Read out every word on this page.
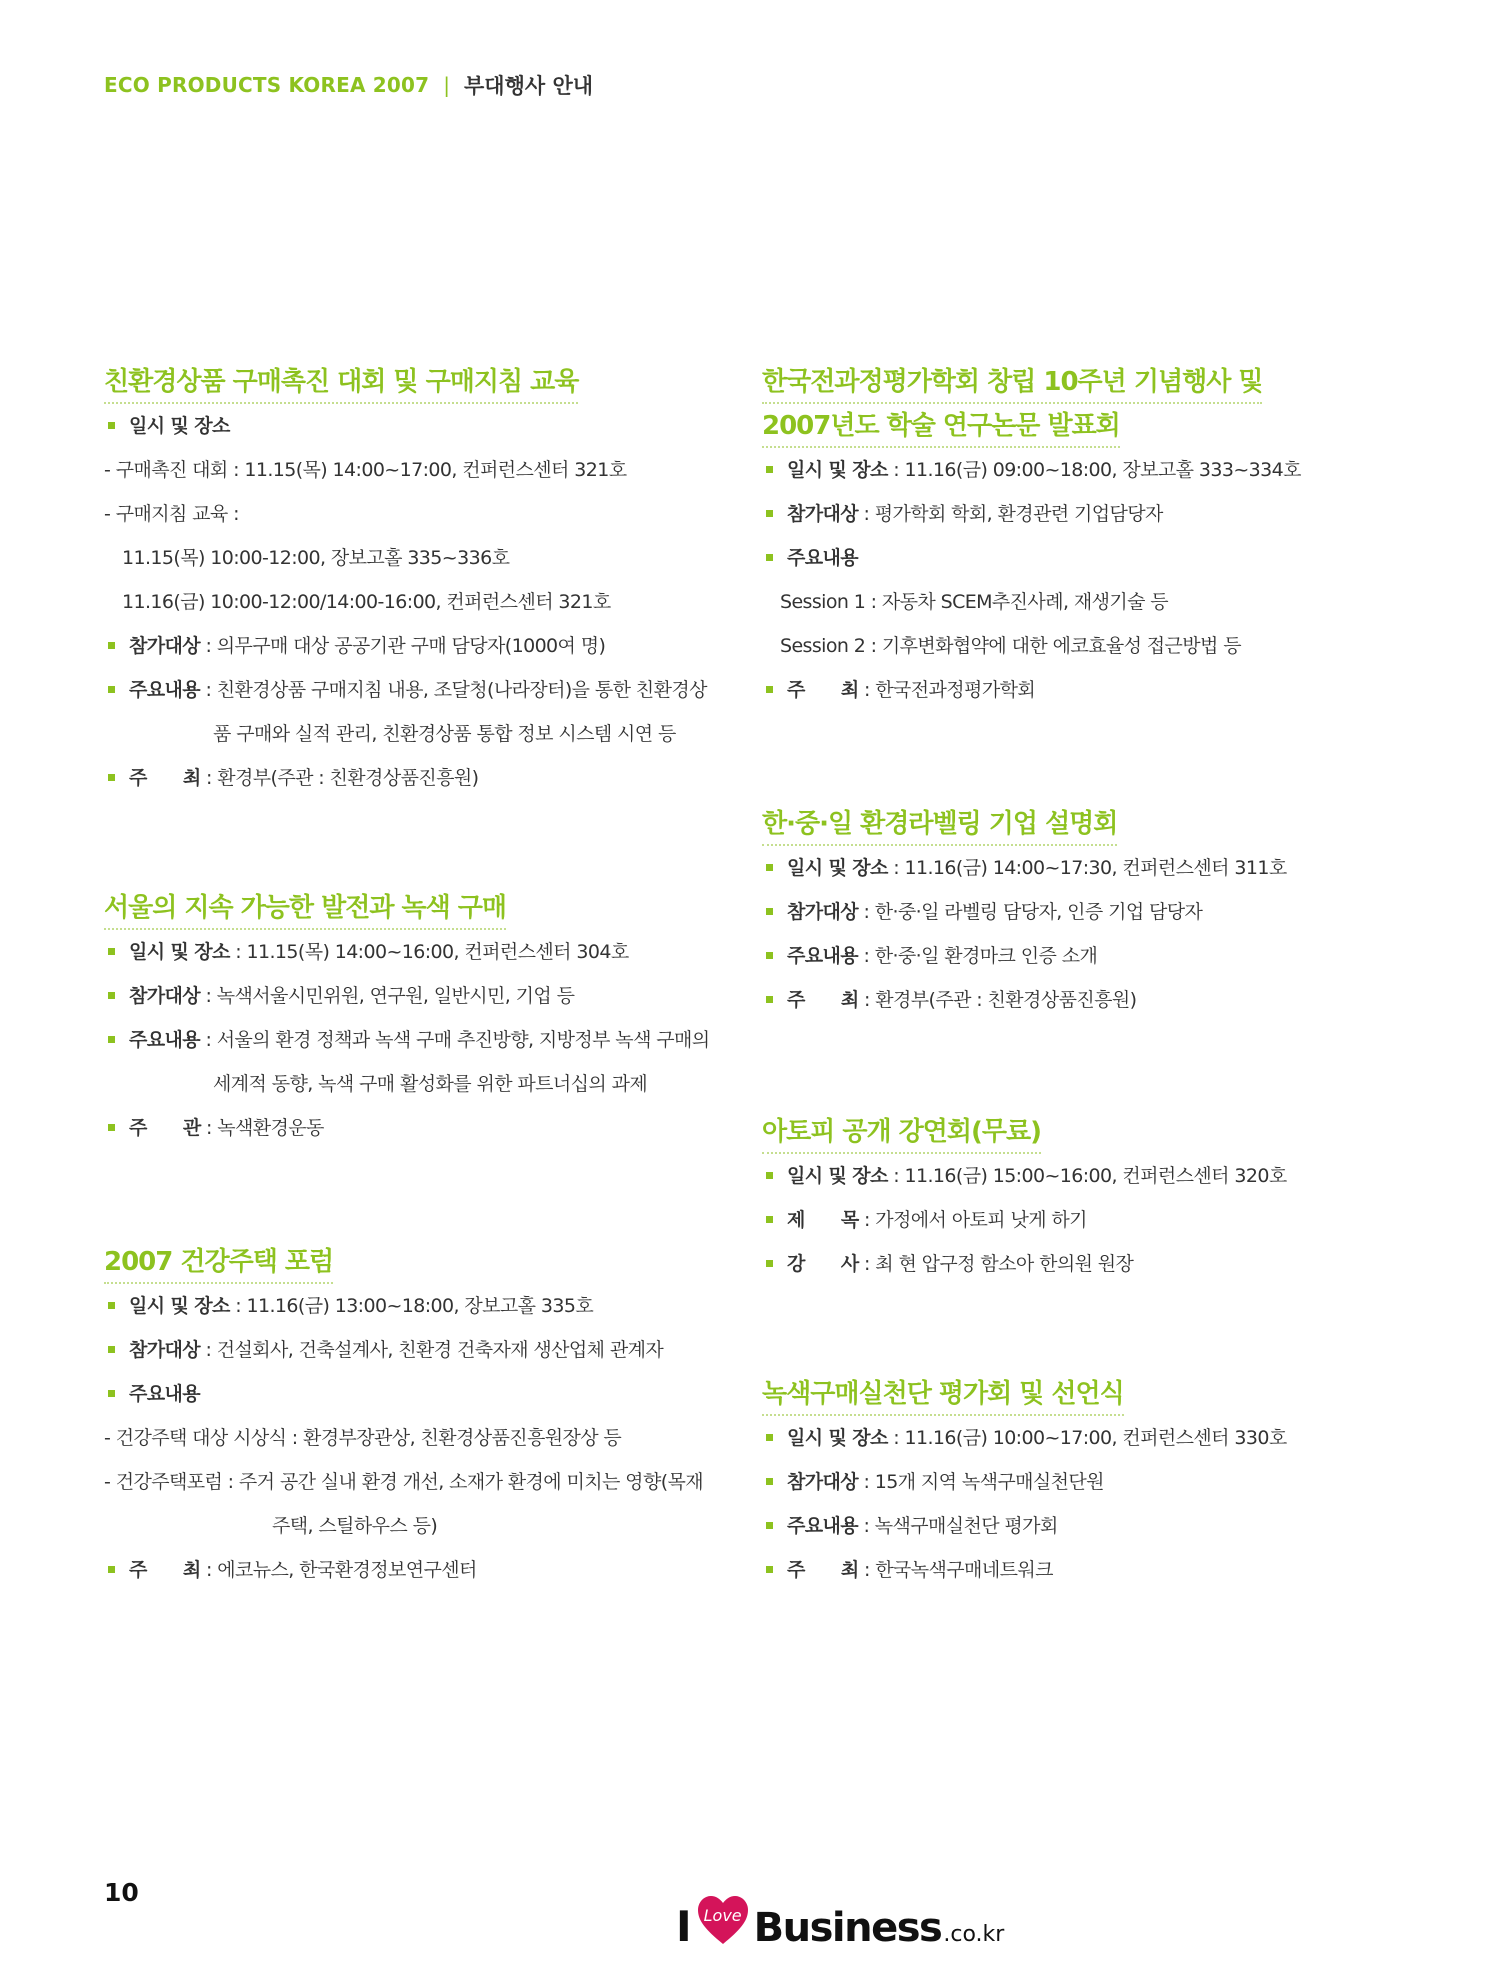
ECO PRODUCTS KOREA 2007 | 부대행사 안내
친환경상품 구매촉진 대회 및 구매지침 교육
일시 및 장소
- 구매촉진 대회 : 11.15(목) 14:00~17:00, 컨퍼런스센터 321호
- 구매지침 교육 :
11.15(목) 10:00-12:00, 장보고홀 335~336호
11.16(금) 10:00-12:00/14:00-16:00, 컨퍼런스센터 321호
참가대상 : 의무구매 대상 공공기관 구매 담당자(1000여 명)
주요내용 : 친환경상품 구매지침 내용, 조달청(나라장터)을 통한 친환경상
품 구매와 실적 관리, 친환경상품 통합 정보 시스템 시연 등
주      최 : 환경부(주관 : 친환경상품진흥원)
서울의 지속 가능한 발전과 녹색 구매
일시 및 장소 : 11.15(목) 14:00~16:00, 컨퍼런스센터 304호
참가대상 : 녹색서울시민위원, 연구원, 일반시민, 기업 등
주요내용 : 서울의 환경 정책과 녹색 구매 추진방향, 지방정부 녹색 구매의
세계적 동향, 녹색 구매 활성화를 위한 파트너십의 과제
주      관 : 녹색환경운동
2007 건강주택 포럼
일시 및 장소 : 11.16(금) 13:00~18:00, 장보고홀 335호
참가대상 : 건설회사, 건축설계사, 친환경 건축자재 생산업체 관계자
주요내용
- 건강주택 대상 시상식 : 환경부장관상, 친환경상품진흥원장상 등
- 건강주택포럼 : 주거 공간 실내 환경 개선, 소재가 환경에 미치는 영향(목재
주택, 스틸하우스 등)
주      최 : 에코뉴스, 한국환경정보연구센터
한국전과정평가학회 창립 10주년 기념행사 및
2007년도 학술 연구논문 발표회
일시 및 장소 : 11.16(금) 09:00~18:00, 장보고홀 333~334호
참가대상 : 평가학회 학회, 환경관련 기업담당자
주요내용
Session 1 : 자동차 SCEM추진사례, 재생기술 등
Session 2 : 기후변화협약에 대한 에코효율성 접근방법 등
주      최 : 한국전과정평가학회
한·중·일 환경라벨링 기업 설명회
일시 및 장소 : 11.16(금) 14:00~17:30, 컨퍼런스센터 311호
참가대상 : 한·중·일 라벨링 담당자, 인증 기업 담당자
주요내용 : 한·중·일 환경마크 인증 소개
주      최 : 환경부(주관 : 친환경상품진흥원)
아토피 공개 강연회(무료)
일시 및 장소 : 11.16(금) 15:00~16:00, 컨퍼런스센터 320호
제      목 : 가정에서 아토피 낫게 하기
강      사 : 최 현 압구정 함소아 한의원 원장
녹색구매실천단 평가회 및 선언식
일시 및 장소 : 11.16(금) 10:00~17:00, 컨퍼런스센터 330호
참가대상 : 15개 지역 녹색구매실천단원
주요내용 : 녹색구매실천단 평가회
주      최 : 한국녹색구매네트워크
10
I Love Business .co.kr
